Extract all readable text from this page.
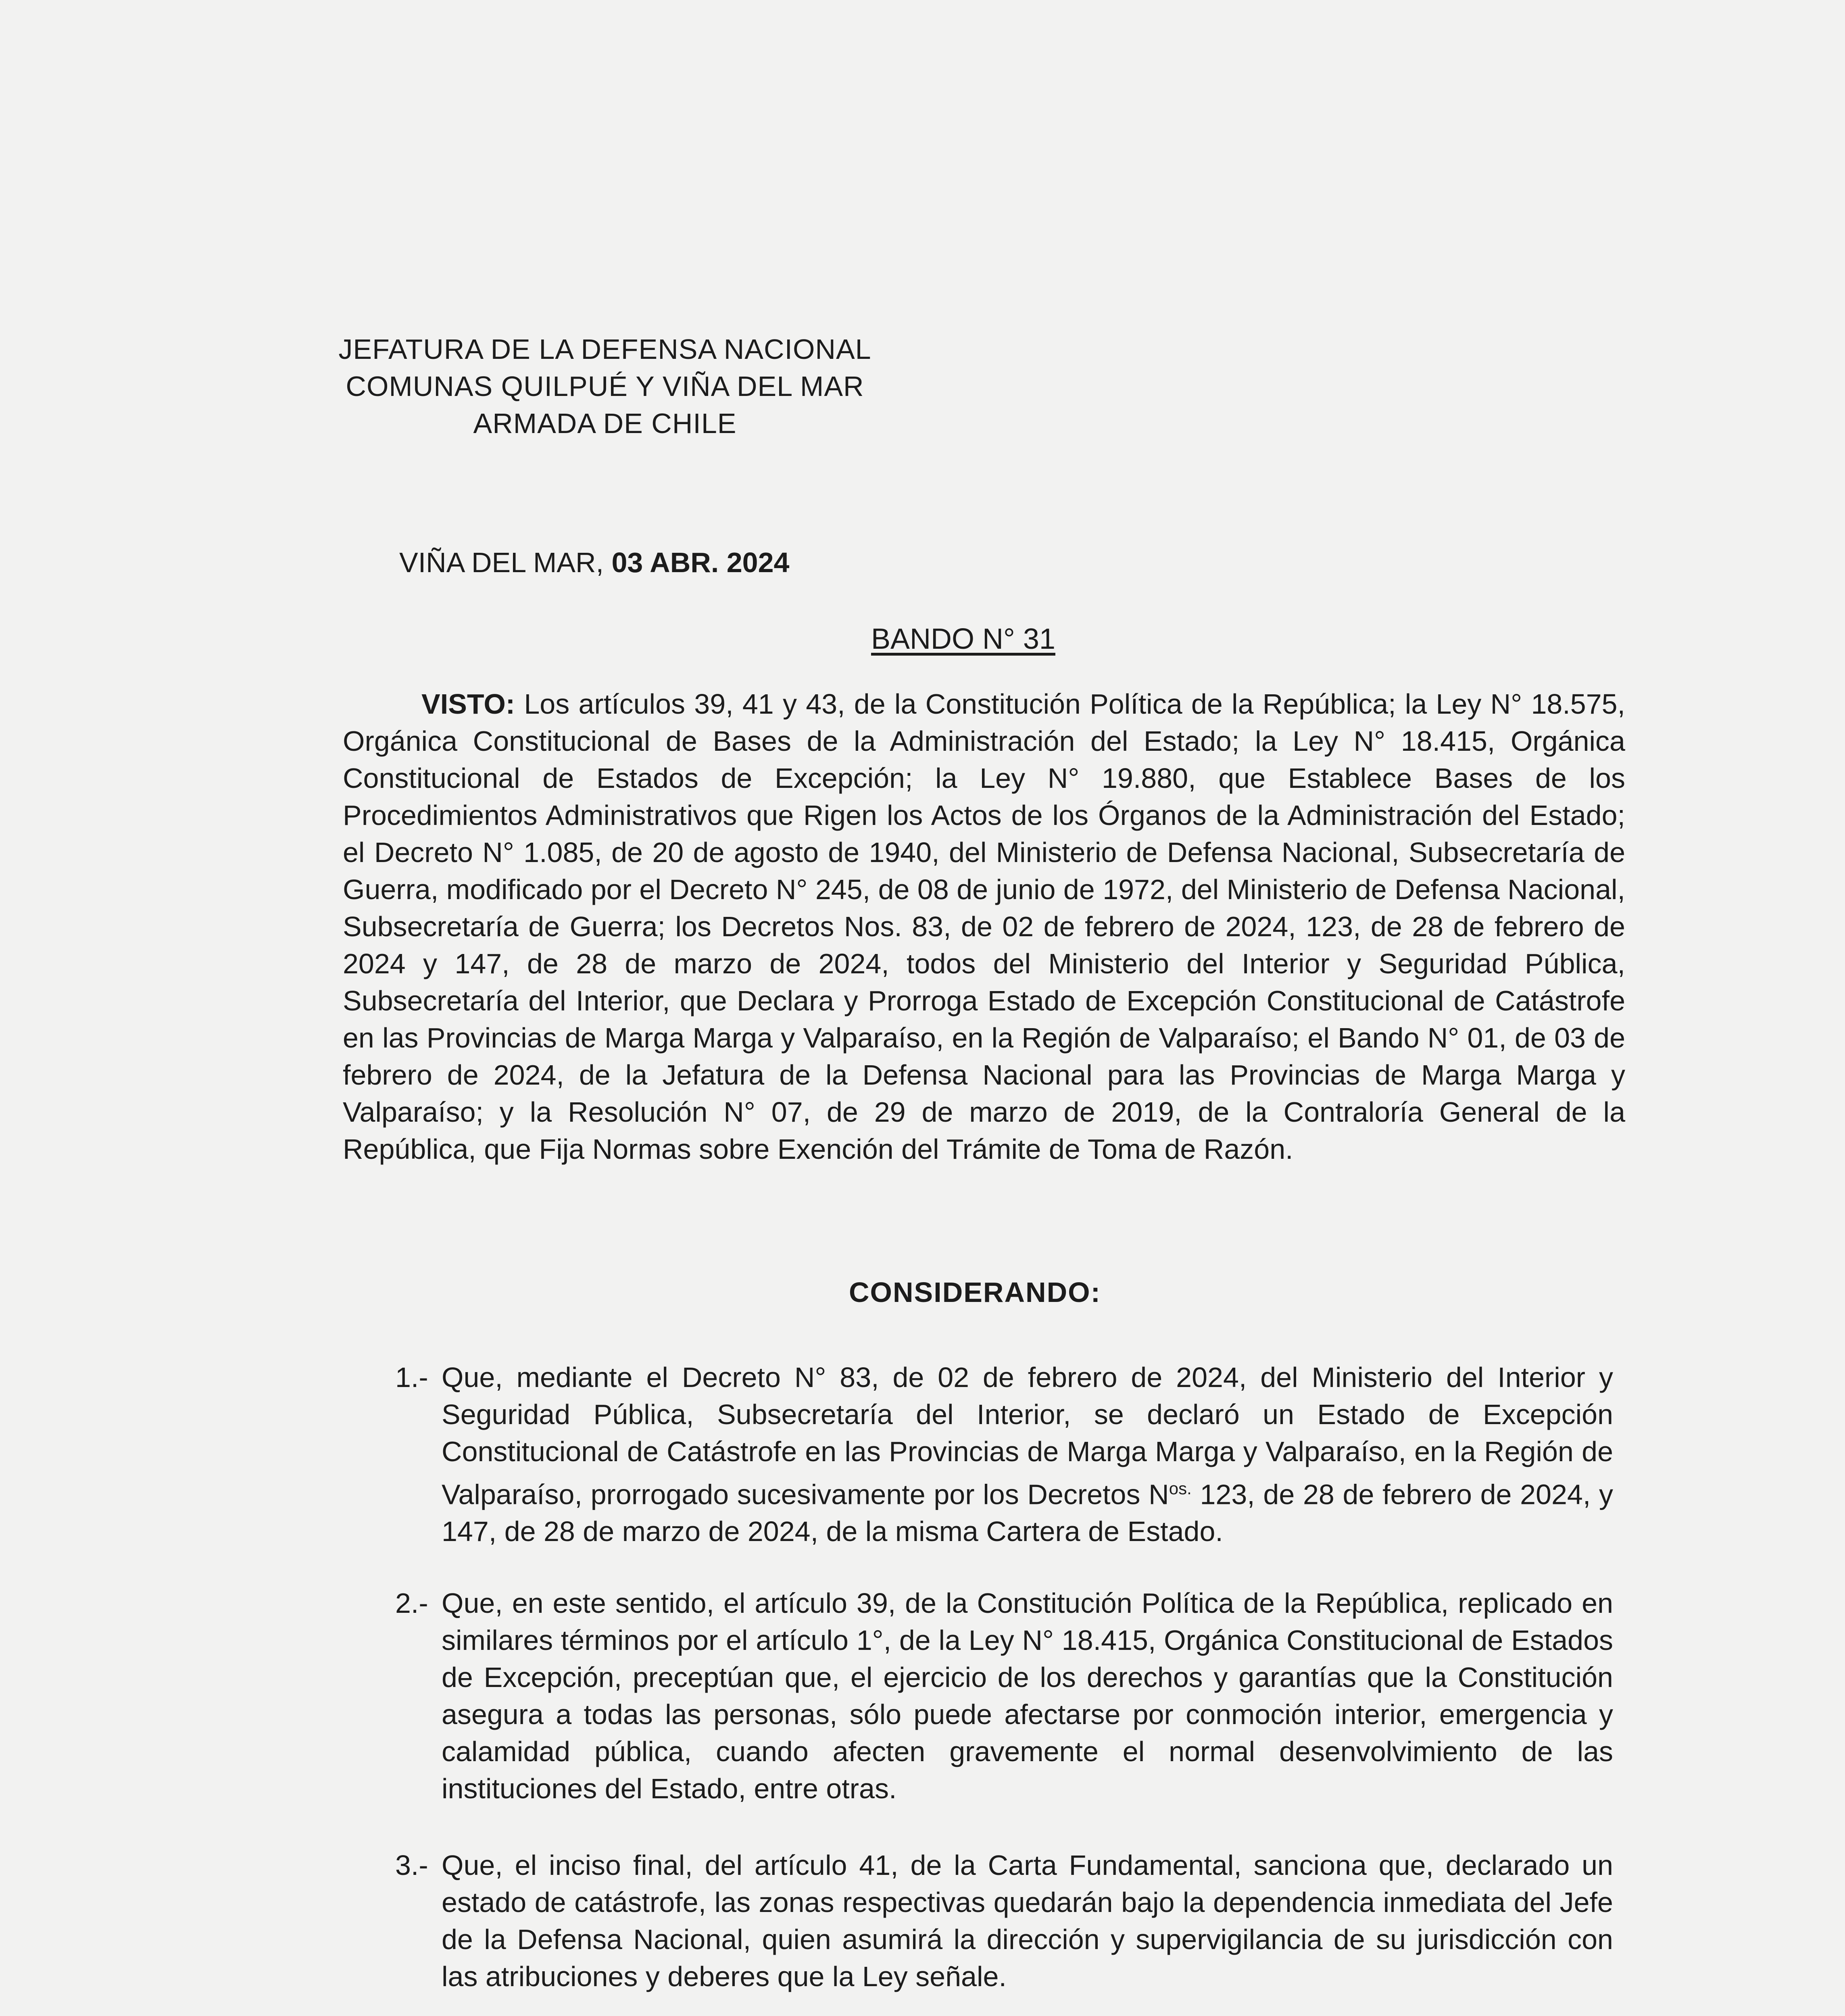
JEFATURA DE LA DEFENSA NACIONAL
COMUNAS QUILPUÉ Y VIÑA DEL MAR
ARMADA DE CHILE
VIÑA DEL MAR, 03 ABR. 2024
BANDO N° 31
VISTO: Los artículos 39, 41 y 43, de la Constitución Política de la República; la Ley N° 18.575, Orgánica Constitucional de Bases de la Administración del Estado; la Ley N° 18.415, Orgánica Constitucional de Estados de Excepción; la Ley N° 19.880, que Establece Bases de los Procedimientos Administrativos que Rigen los Actos de los Órganos de la Administración del Estado; el Decreto N° 1.085, de 20 de agosto de 1940, del Ministerio de Defensa Nacional, Subsecretaría de Guerra, modificado por el Decreto N° 245, de 08 de junio de 1972, del Ministerio de Defensa Nacional, Subsecretaría de Guerra; los Decretos Nos. 83, de 02 de febrero de 2024, 123, de 28 de febrero de 2024 y 147, de 28 de marzo de 2024, todos del Ministerio del Interior y Seguridad Pública, Subsecretaría del Interior, que Declara y Prorroga Estado de Excepción Constitucional de Catástrofe en las Provincias de Marga Marga y Valparaíso, en la Región de Valparaíso; el Bando N° 01, de 03 de febrero de 2024, de la Jefatura de la Defensa Nacional para las Provincias de Marga Marga y Valparaíso; y la Resolución N° 07, de 29 de marzo de 2019, de la Contraloría General de la República, que Fija Normas sobre Exención del Trámite de Toma de Razón.
CONSIDERANDO:
1.- Que, mediante el Decreto N° 83, de 02 de febrero de 2024, del Ministerio del Interior y Seguridad Pública, Subsecretaría del Interior, se declaró un Estado de Excepción Constitucional de Catástrofe en las Provincias de Marga Marga y Valparaíso, en la Región de Valparaíso, prorrogado sucesivamente por los Decretos $N^{os.}$ 123, de 28 de febrero de 2024, y 147, de 28 de marzo de 2024, de la misma Cartera de Estado.
2.- Que, en este sentido, el artículo 39, de la Constitución Política de la República, replicado en similares términos por el artículo 1°, de la Ley N° 18.415, Orgánica Constitucional de Estados de Excepción, preceptúan que, el ejercicio de los derechos y garantías que la Constitución asegura a todas las personas, sólo puede afectarse por conmoción interior, emergencia y calamidad pública, cuando afecten gravemente el normal desenvolvimiento de las instituciones del Estado, entre otras.
3.- Que, el inciso final, del artículo 41, de la Carta Fundamental, sanciona que, declarado un estado de catástrofe, las zonas respectivas quedarán bajo la dependencia inmediata del Jefe de la Defensa Nacional, quien asumirá la dirección y supervigilancia de su jurisdicción con las atribuciones y deberes que la Ley señale.
